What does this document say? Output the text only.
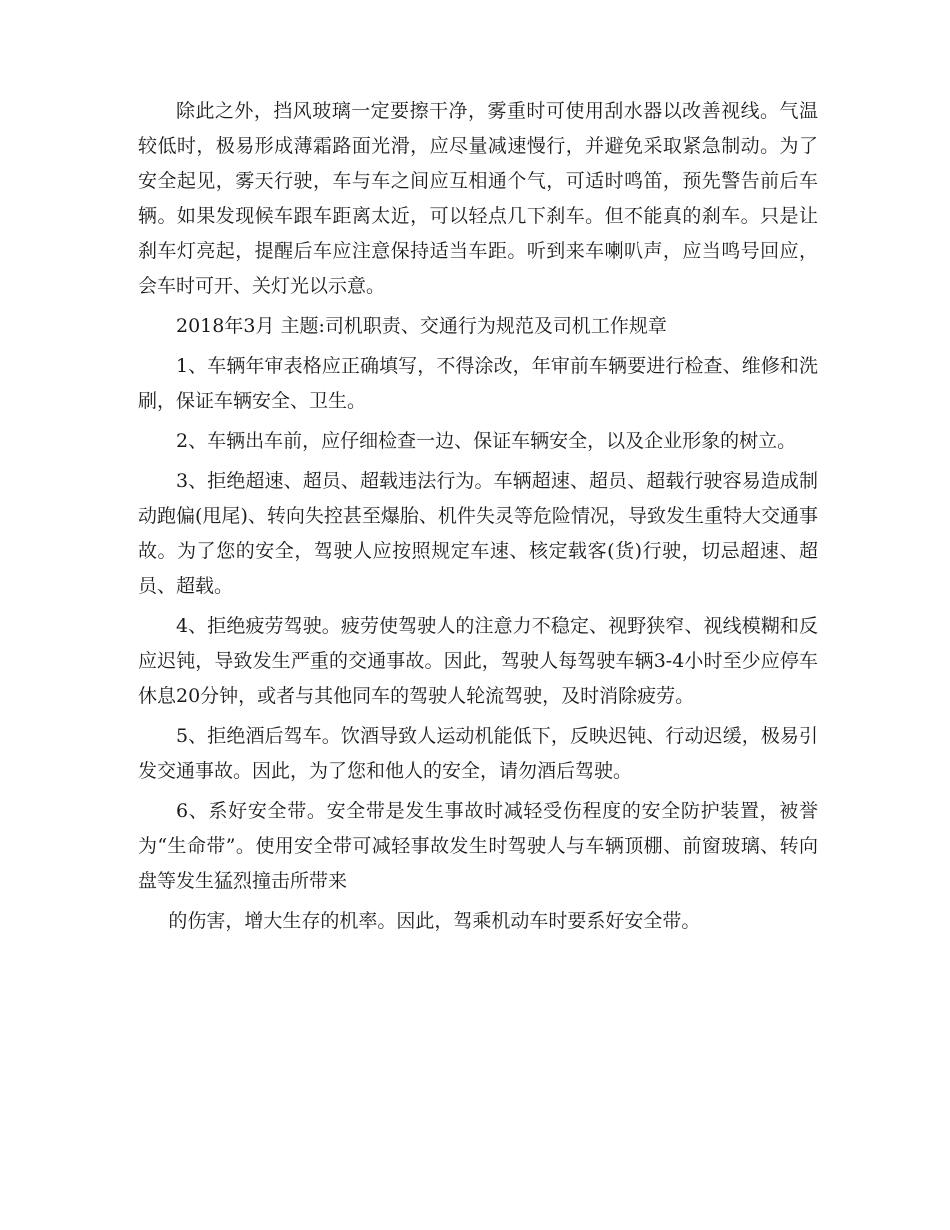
除此之外，挡风玻璃一定要擦干净，雾重时可使用刮水器以改善视线。气温较低时，极易形成薄霜路面光滑，应尽量减速慢行，并避免采取紧急制动。为了安全起见，雾天行驶，车与车之间应互相通个气，可适时鸣笛，预先警告前后车辆。如果发现候车跟车距离太近，可以轻点几下刹车。但不能真的刹车。只是让刹车灯亮起，提醒后车应注意保持适当车距。听到来车喇叭声，应当鸣号回应，会车时可开、关灯光以示意。

2018年3月 主题:司机职责、交通行为规范及司机工作规章

1、车辆年审表格应正确填写，不得涂改，年审前车辆要进行检查、维修和洗刷，保证车辆安全、卫生。

2、车辆出车前，应仔细检查一边、保证车辆安全，以及企业形象的树立。

3、拒绝超速、超员、超载违法行为。车辆超速、超员、超载行驶容易造成制动跑偏(甩尾)、转向失控甚至爆胎、机件失灵等危险情况，导致发生重特大交通事故。为了您的安全，驾驶人应按照规定车速、核定载客(货)行驶，切忌超速、超员、超载。

4、拒绝疲劳驾驶。疲劳使驾驶人的注意力不稳定、视野狭窄、视线模糊和反应迟钝，导致发生严重的交通事故。因此，驾驶人每驾驶车辆3-4小时至少应停车休息20分钟，或者与其他同车的驾驶人轮流驾驶，及时消除疲劳。

5、拒绝酒后驾车。饮酒导致人运动机能低下，反映迟钝、行动迟缓，极易引发交通事故。因此，为了您和他人的安全，请勿酒后驾驶。

6、系好安全带。安全带是发生事故时减轻受伤程度的安全防护装置，被誉为“生命带”。使用安全带可减轻事故发生时驾驶人与车辆顶棚、前窗玻璃、转向盘等发生猛烈撞击所带来

的伤害，增大生存的机率。因此，驾乘机动车时要系好安全带。
